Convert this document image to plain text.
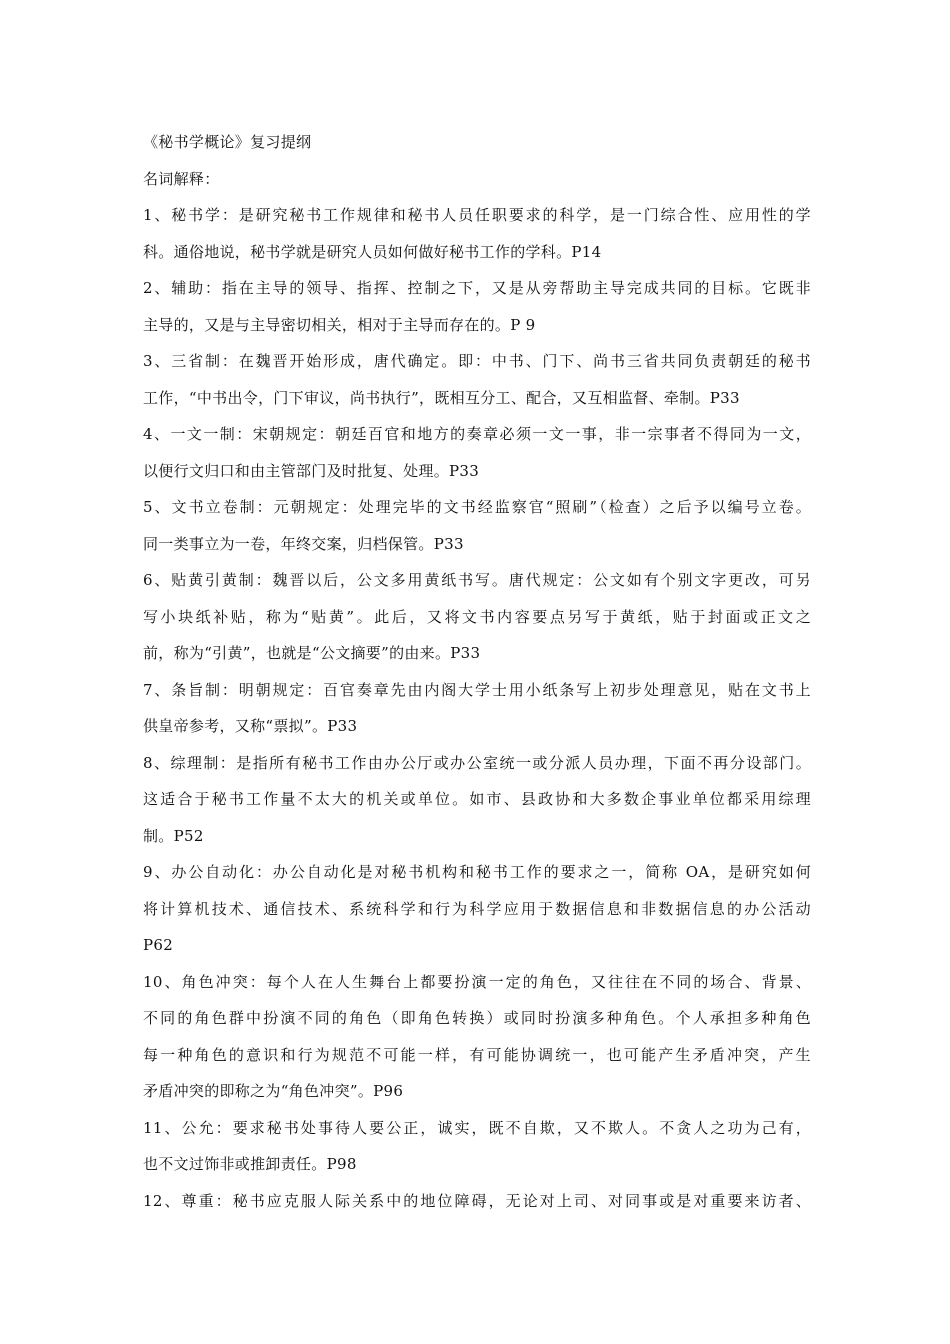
《秘书学概论》复习提纲
名词解释：
1、秘书学：是研究秘书工作规律和秘书人员任职要求的科学，是一门综合性、应用性的学
科。通俗地说，秘书学就是研究人员如何做好秘书工作的学科。P14
2、辅助：指在主导的领导、指挥、控制之下，又是从旁帮助主导完成共同的目标。它既非
主导的，又是与主导密切相关，相对于主导而存在的。P 9
3、三省制：在魏晋开始形成，唐代确定。即：中书、门下、尚书三省共同负责朝廷的秘书
工作，“中书出令，门下审议，尚书执行”，既相互分工、配合，又互相监督、牵制。P33
4、一文一制：宋朝规定：朝廷百官和地方的奏章必须一文一事，非一宗事者不得同为一文，
以便行文归口和由主管部门及时批复、处理。P33
5、文书立卷制：元朝规定：处理完毕的文书经监察官“照刷”（检查）之后予以编号立卷。
同一类事立为一卷，年终交案，归档保管。P33
6、贴黄引黄制：魏晋以后，公文多用黄纸书写。唐代规定：公文如有个别文字更改，可另
写小块纸补贴，称为“贴黄”。此后，又将文书内容要点另写于黄纸，贴于封面或正文之
前，称为“引黄”，也就是“公文摘要”的由来。P33
7、条旨制：明朝规定：百官奏章先由内阁大学士用小纸条写上初步处理意见，贴在文书上
供皇帝参考，又称“票拟”。P33
8、综理制：是指所有秘书工作由办公厅或办公室统一或分派人员办理，下面不再分设部门。
这适合于秘书工作量不太大的机关或单位。如市、县政协和大多数企事业单位都采用综理
制。P52
9、办公自动化：办公自动化是对秘书机构和秘书工作的要求之一，简称 OA，是研究如何
将计算机技术、通信技术、系统科学和行为科学应用于数据信息和非数据信息的办公活动
P62
10、角色冲突：每个人在人生舞台上都要扮演一定的角色，又往往在不同的场合、背景、
不同的角色群中扮演不同的角色（即角色转换）或同时扮演多种角色。个人承担多种角色
每一种角色的意识和行为规范不可能一样，有可能协调统一，也可能产生矛盾冲突，产生
矛盾冲突的即称之为“角色冲突”。P96
11、公允：要求秘书处事待人要公正，诚实，既不自欺，又不欺人。不贪人之功为己有，
也不文过饰非或推卸责任。P98
12、尊重：秘书应克服人际关系中的地位障碍，无论对上司、对同事或是对重要来访者、
